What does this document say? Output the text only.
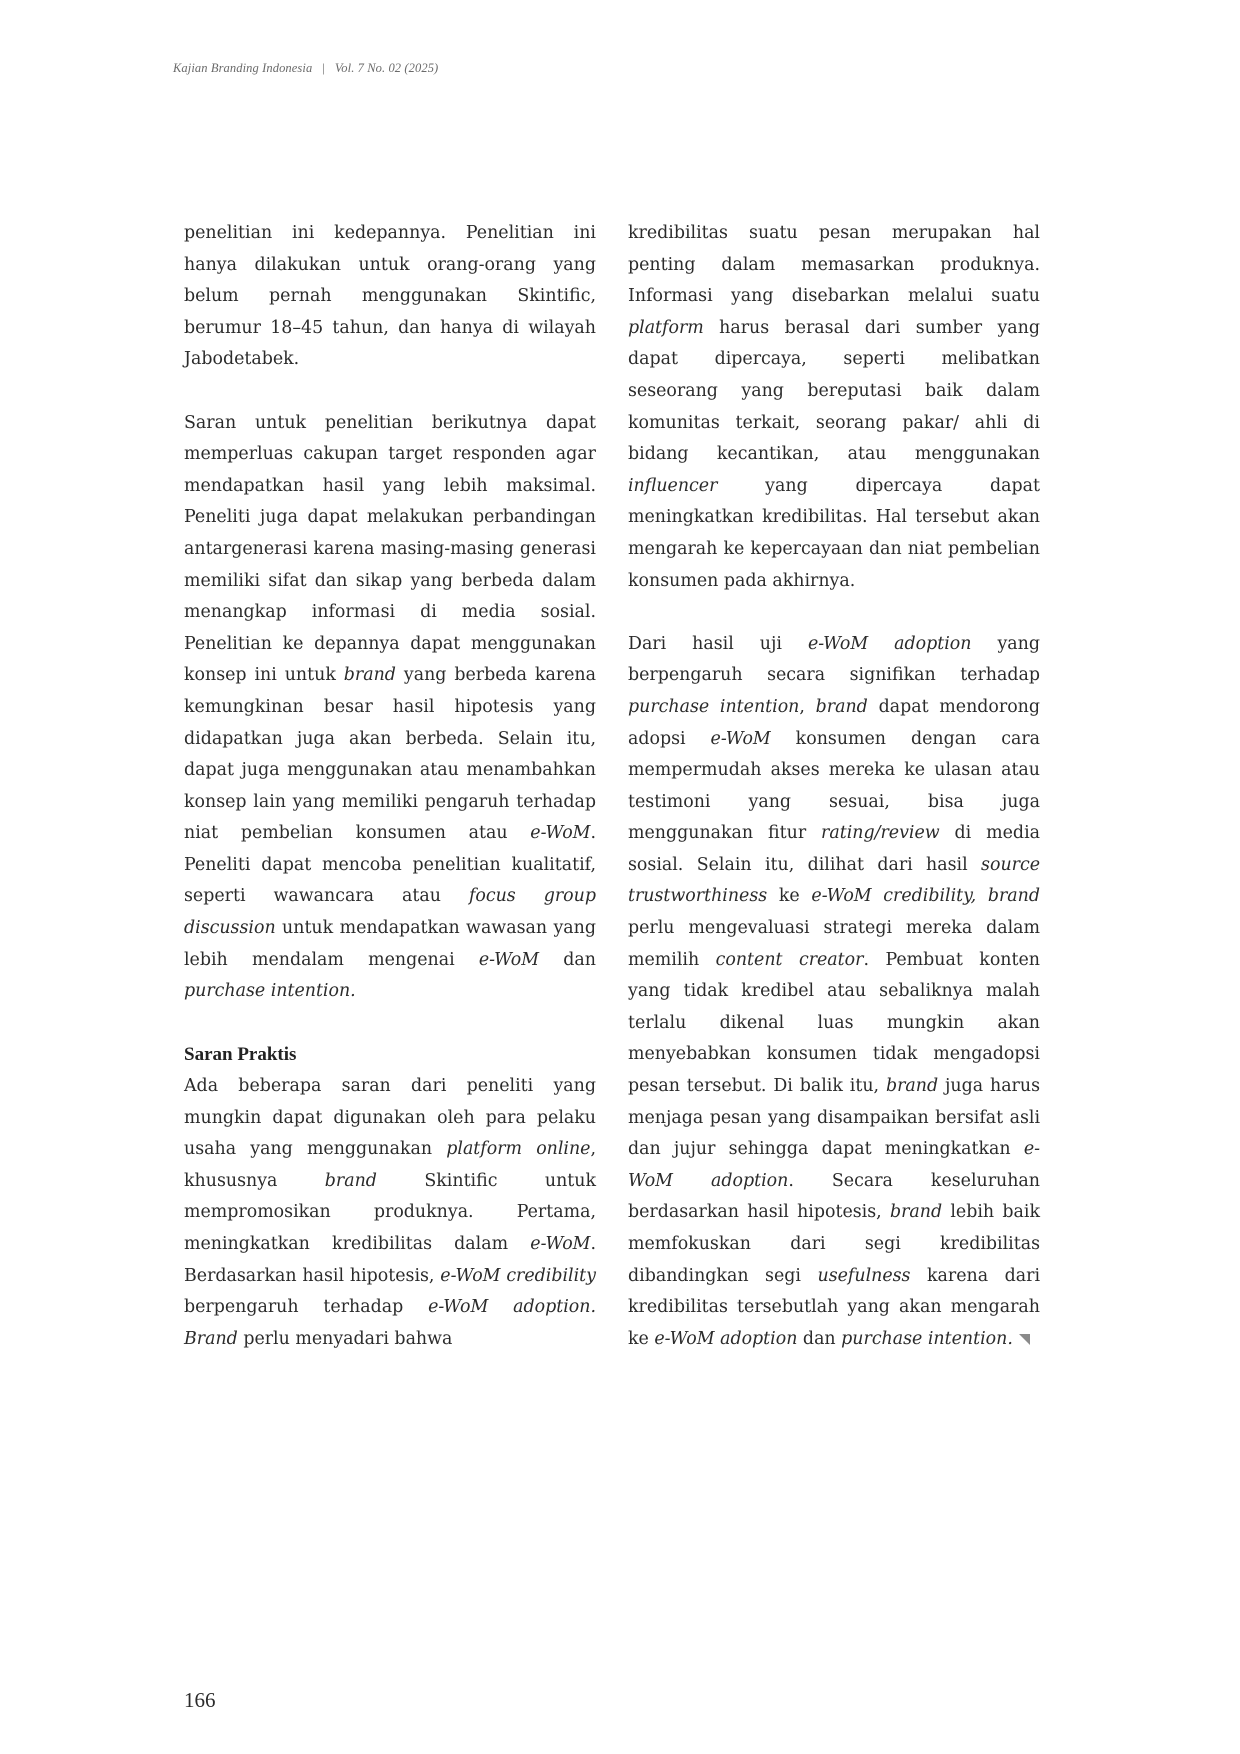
Kajian Branding Indonesia | Vol. 7 No. 02 (2025)

penelitian ini kedepannya. Penelitian ini hanya dilakukan untuk orang-orang yang belum pernah menggunakan Skintific, berumur 18–45 tahun, dan hanya di wilayah Jabodetabek.

Saran untuk penelitian berikutnya dapat memperluas cakupan target responden agar mendapatkan hasil yang lebih maksimal. Peneliti juga dapat melakukan perbandingan antargenerasi karena masing-masing generasi memiliki sifat dan sikap yang berbeda dalam menangkap informasi di media sosial. Penelitian ke depannya dapat menggunakan konsep ini untuk brand yang berbeda karena kemungkinan besar hasil hipotesis yang didapatkan juga akan berbeda. Selain itu, dapat juga menggunakan atau menambahkan konsep lain yang memiliki pengaruh terhadap niat pembelian konsumen atau e-WoM. Peneliti dapat mencoba penelitian kualitatif, seperti wawancara atau focus group discussion untuk mendapatkan wawasan yang lebih mendalam mengenai e-WoM dan purchase intention.

Saran Praktis

Ada beberapa saran dari peneliti yang mungkin dapat digunakan oleh para pelaku usaha yang menggunakan platform online, khususnya brand Skintific untuk mempromosikan produknya. Pertama, meningkatkan kredibilitas dalam e-WoM. Berdasarkan hasil hipotesis, e-WoM credibility berpengaruh terhadap e-WoM adoption. Brand perlu menyadari bahwa

kredibilitas suatu pesan merupakan hal penting dalam memasarkan produknya. Informasi yang disebarkan melalui suatu platform harus berasal dari sumber yang dapat dipercaya, seperti melibatkan seseorang yang bereputasi baik dalam komunitas terkait, seorang pakar/ ahli di bidang kecantikan, atau menggunakan influencer yang dipercaya dapat meningkatkan kredibilitas. Hal tersebut akan mengarah ke kepercayaan dan niat pembelian konsumen pada akhirnya.

Dari hasil uji e-WoM adoption yang berpengaruh secara signifikan terhadap purchase intention, brand dapat mendorong adopsi e-WoM konsumen dengan cara mempermudah akses mereka ke ulasan atau testimoni yang sesuai, bisa juga menggunakan fitur rating/review di media sosial. Selain itu, dilihat dari hasil source trustworthiness ke e-WoM credibility, brand perlu mengevaluasi strategi mereka dalam memilih content creator. Pembuat konten yang tidak kredibel atau sebaliknya malah terlalu dikenal luas mungkin akan menyebabkan konsumen tidak mengadopsi pesan tersebut. Di balik itu, brand juga harus menjaga pesan yang disampaikan bersifat asli dan jujur sehingga dapat meningkatkan e-WoM adoption. Secara keseluruhan berdasarkan hasil hipotesis, brand lebih baik memfokuskan dari segi kredibilitas dibandingkan segi usefulness karena dari kredibilitas tersebutlah yang akan mengarah ke e-WoM adoption dan purchase intention.

166
